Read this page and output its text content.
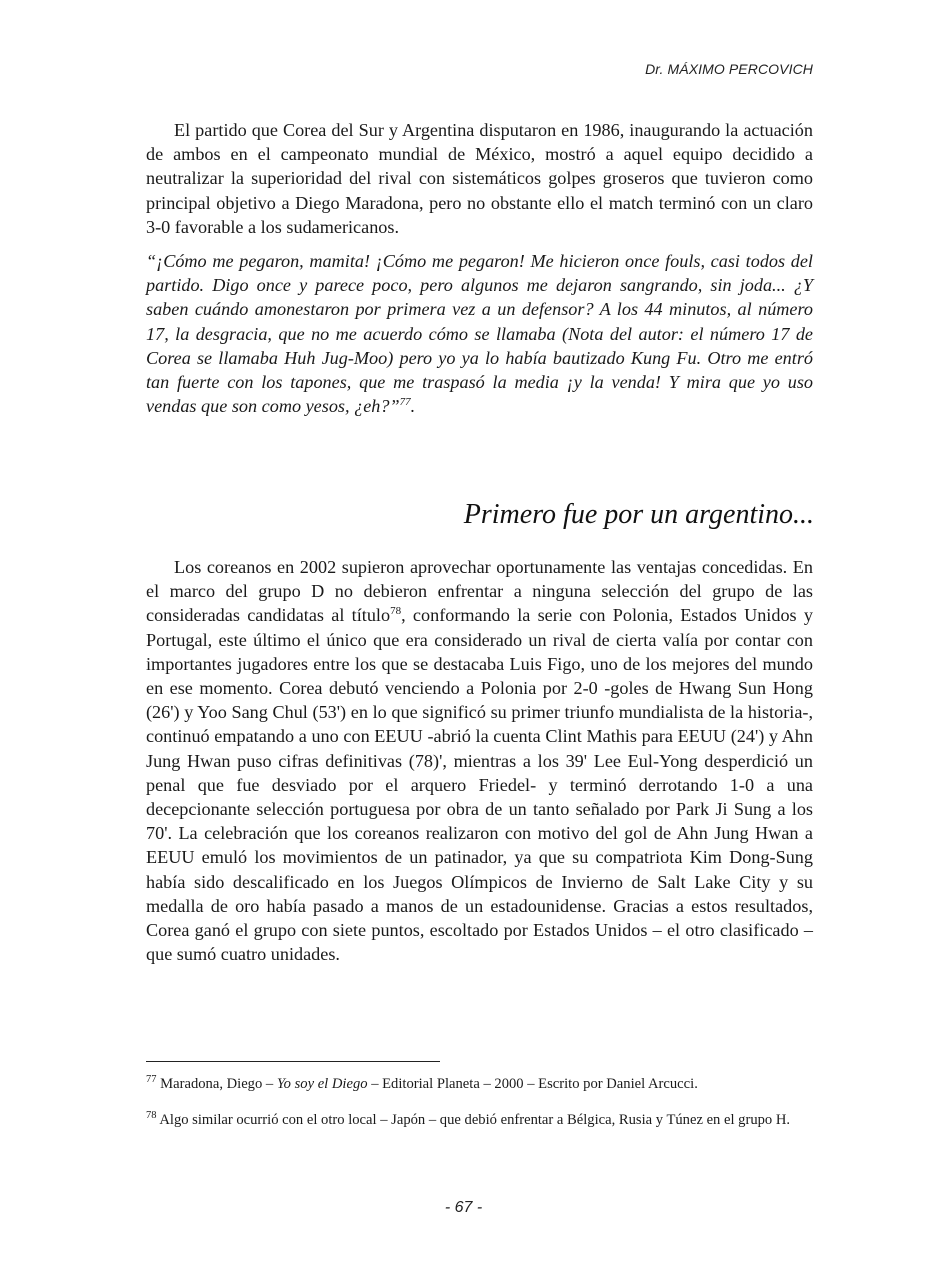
Dr. MÁXIMO PERCOVICH

El partido que Corea del Sur y Argentina disputaron en 1986, inaugurando la actuación de ambos en el campeonato mundial de México, mostró a aquel equipo decidido a neutralizar la superioridad del rival con sistemáticos golpes groseros que tuvieron como principal objetivo a Diego Maradona, pero no obstante ello el match terminó con un claro 3-0 favorable a los sudamericanos.

“¡Cómo me pegaron, mamita! ¡Cómo me pegaron! Me hicieron once fouls, casi todos del partido. Digo once y parece poco, pero algunos me dejaron sangrando, sin joda... ¿Y saben cuándo amonestaron por primera vez a un defensor? A los 44 minutos, al número 17, la desgracia, que no me acuerdo cómo se llamaba (Nota del autor: el número 17 de Corea se llamaba Huh Jug-Moo) pero yo ya lo había bautizado Kung Fu. Otro me entró tan fuerte con los tapones, que me traspasó la media ¡y la venda! Y mira que yo uso vendas que son como yesos, ¿eh?”$^{77}$.

Primero fue por un argentino...

Los coreanos en 2002 supieron aprovechar oportunamente las ventajas concedidas. En el marco del grupo D no debieron enfrentar a ninguna selección del grupo de las consideradas candidatas al título$^{78}$, conformando la serie con Polonia, Estados Unidos y Portugal, este último el único que era considerado un rival de cierta valía por contar con importantes jugadores entre los que se destacaba Luis Figo, uno de los mejores del mundo en ese momento. Corea debutó venciendo a Polonia por 2-0 -goles de Hwang Sun Hong (26') y Yoo Sang Chul (53') en lo que significó su primer triunfo mundialista de la historia-, continuó empatando a uno con EEUU -abrió la cuenta Clint Mathis para EEUU (24') y Ahn Jung Hwan puso cifras definitivas (78)', mientras a los 39' Lee Eul-Yong desperdició un penal que fue desviado por el arquero Friedel- y terminó derrotando 1-0 a una decepcionante selección portuguesa por obra de un tanto señalado por Park Ji Sung a los 70'. La celebración que los coreanos realizaron con motivo del gol de Ahn Jung Hwan a EEUU emuló los movimientos de un patinador, ya que su compatriota Kim Dong-Sung había sido descalificado en los Juegos Olímpicos de Invierno de Salt Lake City y su medalla de oro había pasado a manos de un estadounidense. Gracias a estos resultados, Corea ganó el grupo con siete puntos, escoltado por Estados Unidos – el otro clasificado – que sumó cuatro unidades.

$^{77}$ Maradona, Diego – Yo soy el Diego – Editorial Planeta – 2000 – Escrito por Daniel Arcucci.

$^{78}$ Algo similar ocurrió con el otro local – Japón – que debió enfrentar a Bélgica, Rusia y Túnez en el grupo H.

- 67 -
